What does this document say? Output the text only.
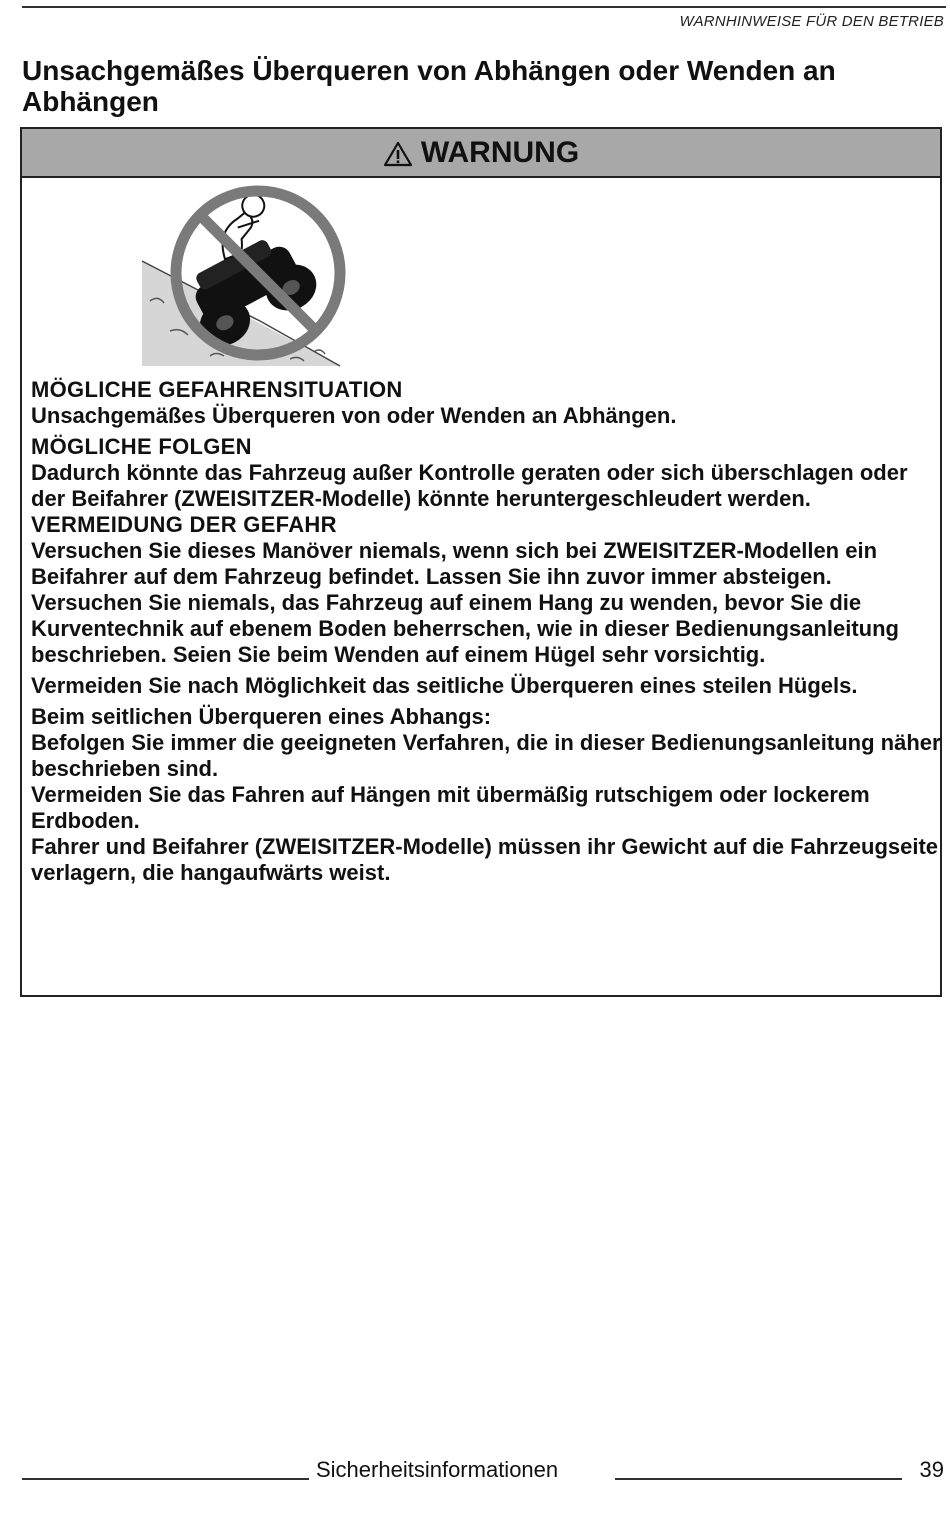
WARNHINWEISE FÜR DEN BETRIEB
Unsachgemäßes Überqueren von Abhängen oder Wenden an Abhängen
WARNUNG

MÖGLICHE GEFAHRENSITUATION

Unsachgemäßes Überqueren von oder Wenden an Abhängen.

MÖGLICHE FOLGEN

Dadurch könnte das Fahrzeug außer Kontrolle geraten oder sich überschlagen oder der Beifahrer (ZWEISITZER-Modelle) könnte heruntergeschleudert werden.

VERMEIDUNG DER GEFAHR

Versuchen Sie dieses Manöver niemals, wenn sich bei ZWEISITZER-Modellen ein Beifahrer auf dem Fahrzeug befindet. Lassen Sie ihn zuvor immer absteigen.

Versuchen Sie niemals, das Fahrzeug auf einem Hang zu wenden, bevor Sie die Kurventechnik auf ebenem Boden beherrschen, wie in dieser Bedienungsanleitung beschrieben. Seien Sie beim Wenden auf einem Hügel sehr vorsichtig.

Vermeiden Sie nach Möglichkeit das seitliche Überqueren eines steilen Hügels.

Beim seitlichen Überqueren eines Abhangs:

Befolgen Sie immer die geeigneten Verfahren, die in dieser Bedienungsanleitung näher beschrieben sind.

Vermeiden Sie das Fahren auf Hängen mit übermäßig rutschigem oder lockerem Erdboden.

Fahrer und Beifahrer (ZWEISITZER-Modelle) müssen ihr Gewicht auf die Fahrzeugseite verlagern, die hangaufwärts weist.

Sicherheitsinformationen	39
